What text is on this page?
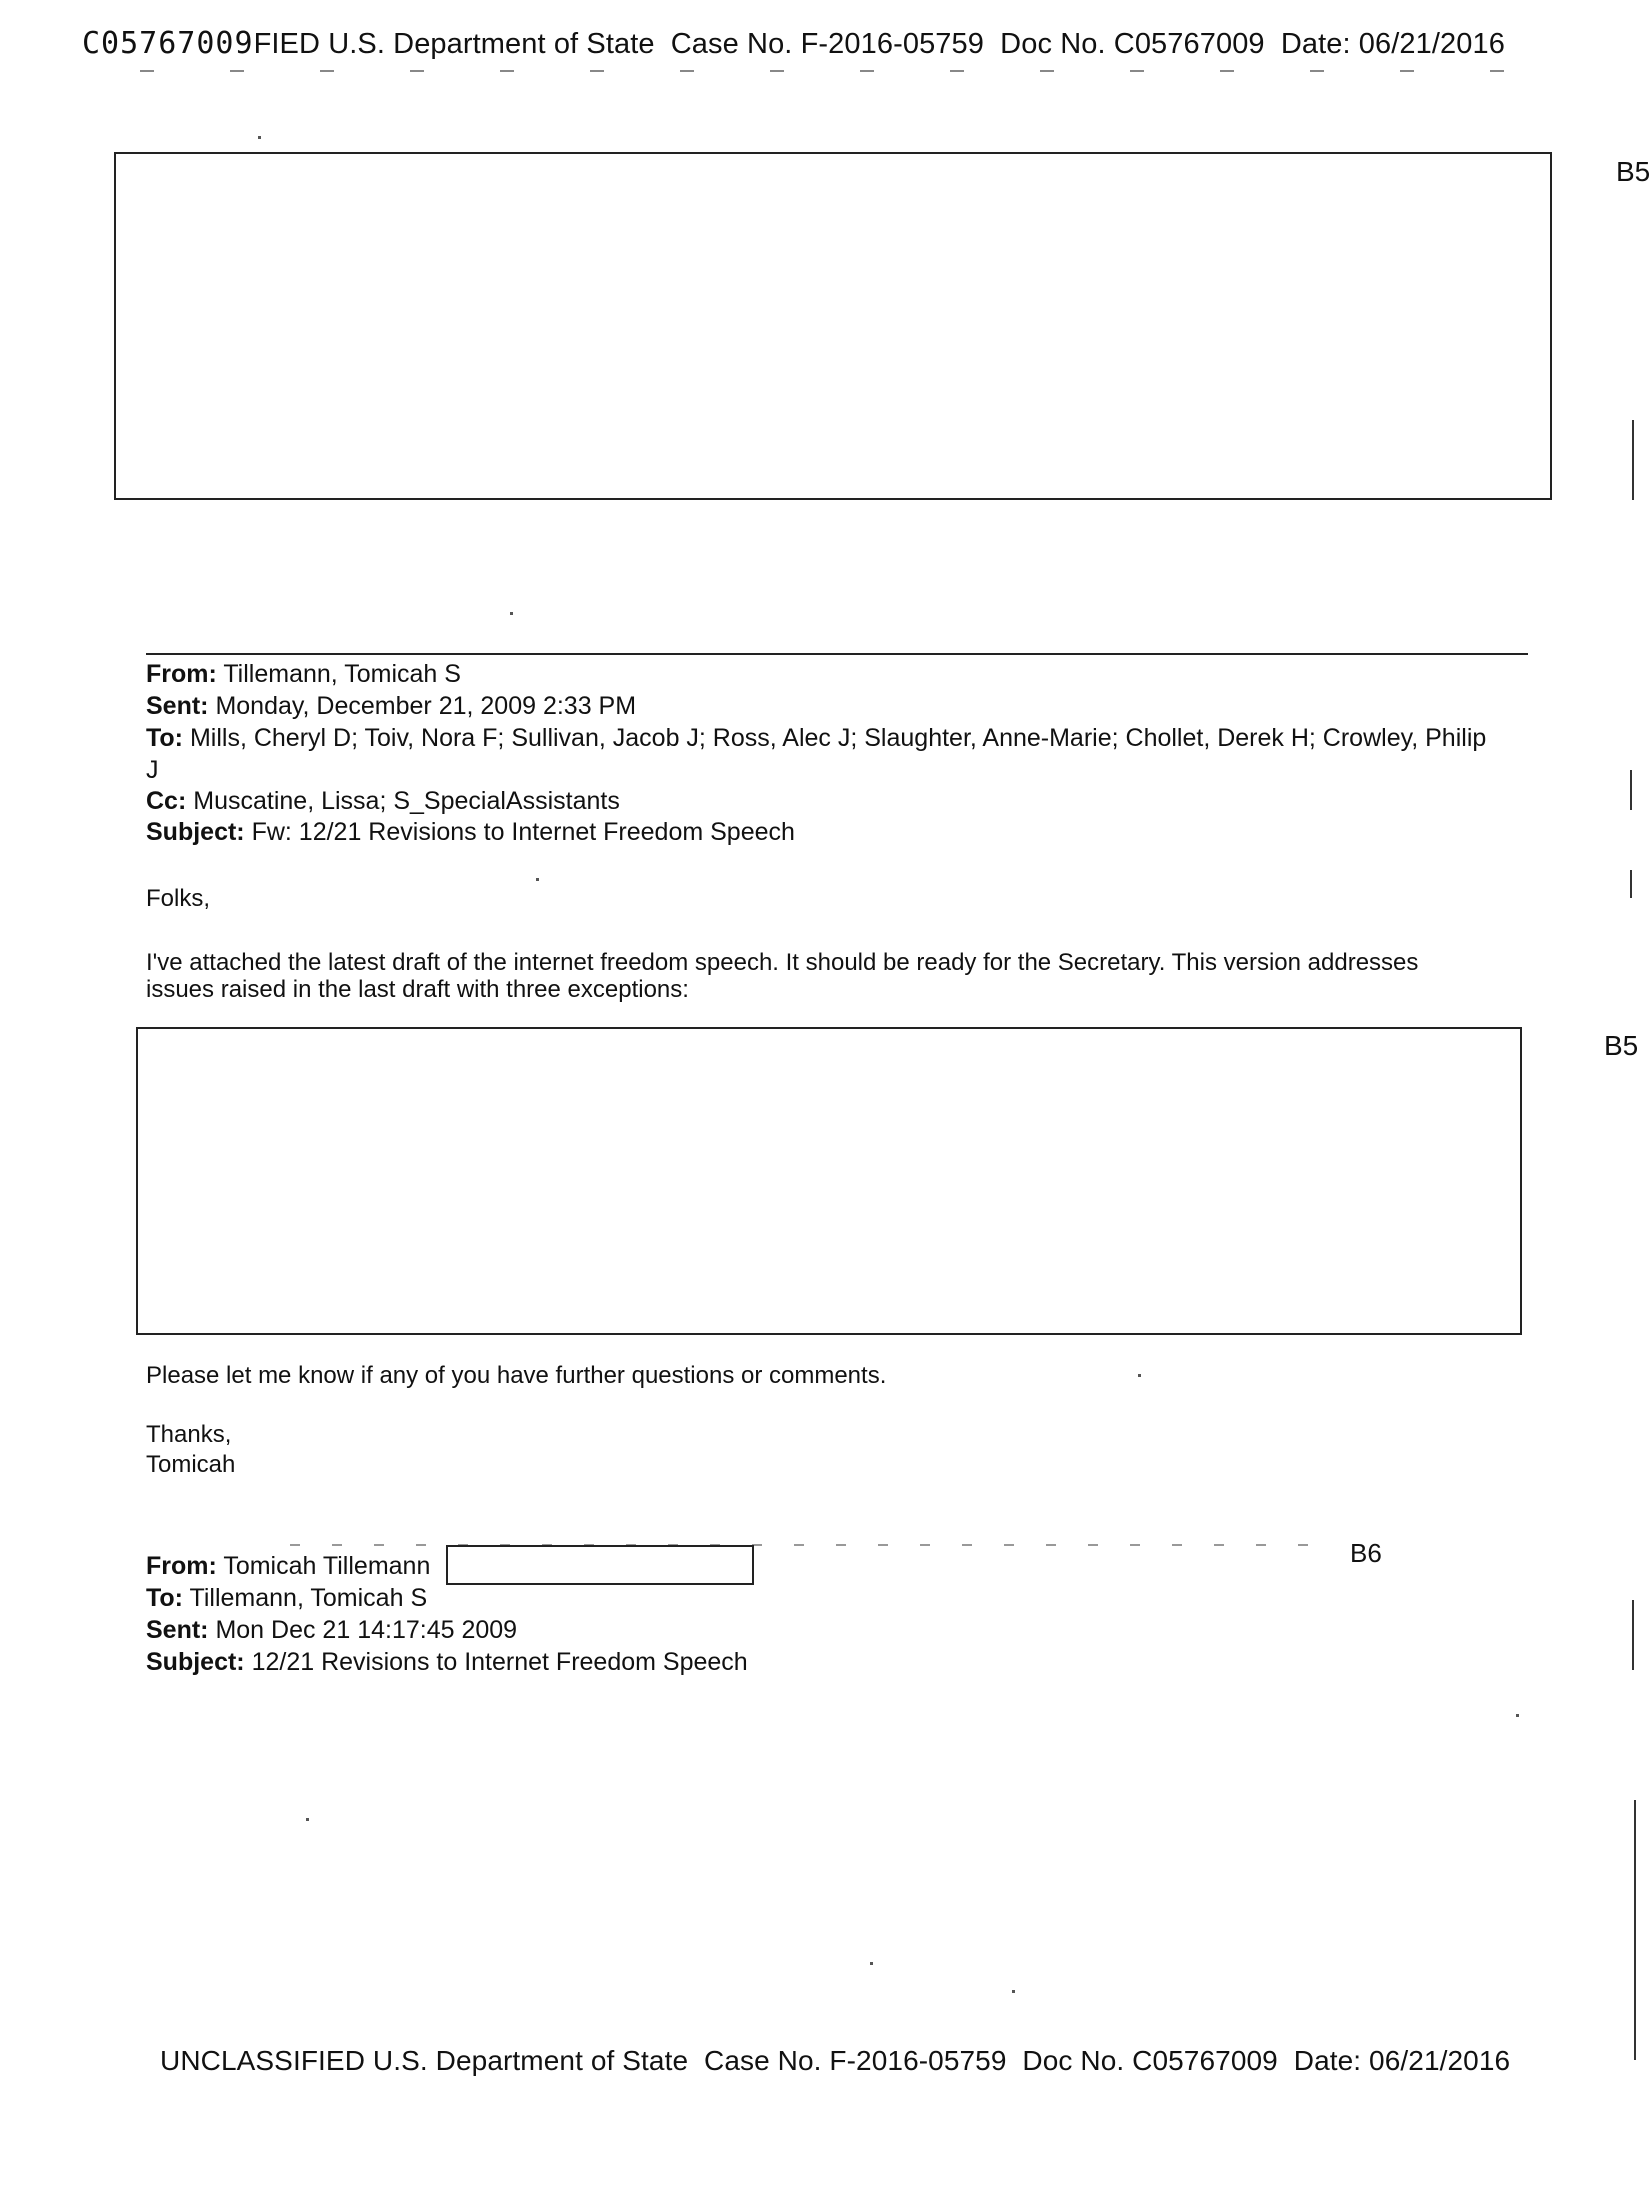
C05767009FIED U.S. Department of State Case No. F-2016-05759 Doc No. C05767009 Date: 06/21/2016
B5
From: Tillemann, Tomicah S
Sent: Monday, December 21, 2009 2:33 PM
To: Mills, Cheryl D; Toiv, Nora F; Sullivan, Jacob J; Ross, Alec J; Slaughter, Anne-Marie; Chollet, Derek H; Crowley, Philip
J
Cc: Muscatine, Lissa; S_SpecialAssistants
Subject: Fw: 12/21 Revisions to Internet Freedom Speech
Folks,
I've attached the latest draft of the internet freedom speech. It should be ready for the Secretary. This version addresses
issues raised in the last draft with three exceptions:
B5
Please let me know if any of you have further questions or comments.
Thanks,
Tomicah
From: Tomicah Tillemann	B6
To: Tillemann, Tomicah S
Sent: Mon Dec 21 14:17:45 2009
Subject: 12/21 Revisions to Internet Freedom Speech
UNCLASSIFIED U.S. Department of State Case No. F-2016-05759 Doc No. C05767009 Date: 06/21/2016
